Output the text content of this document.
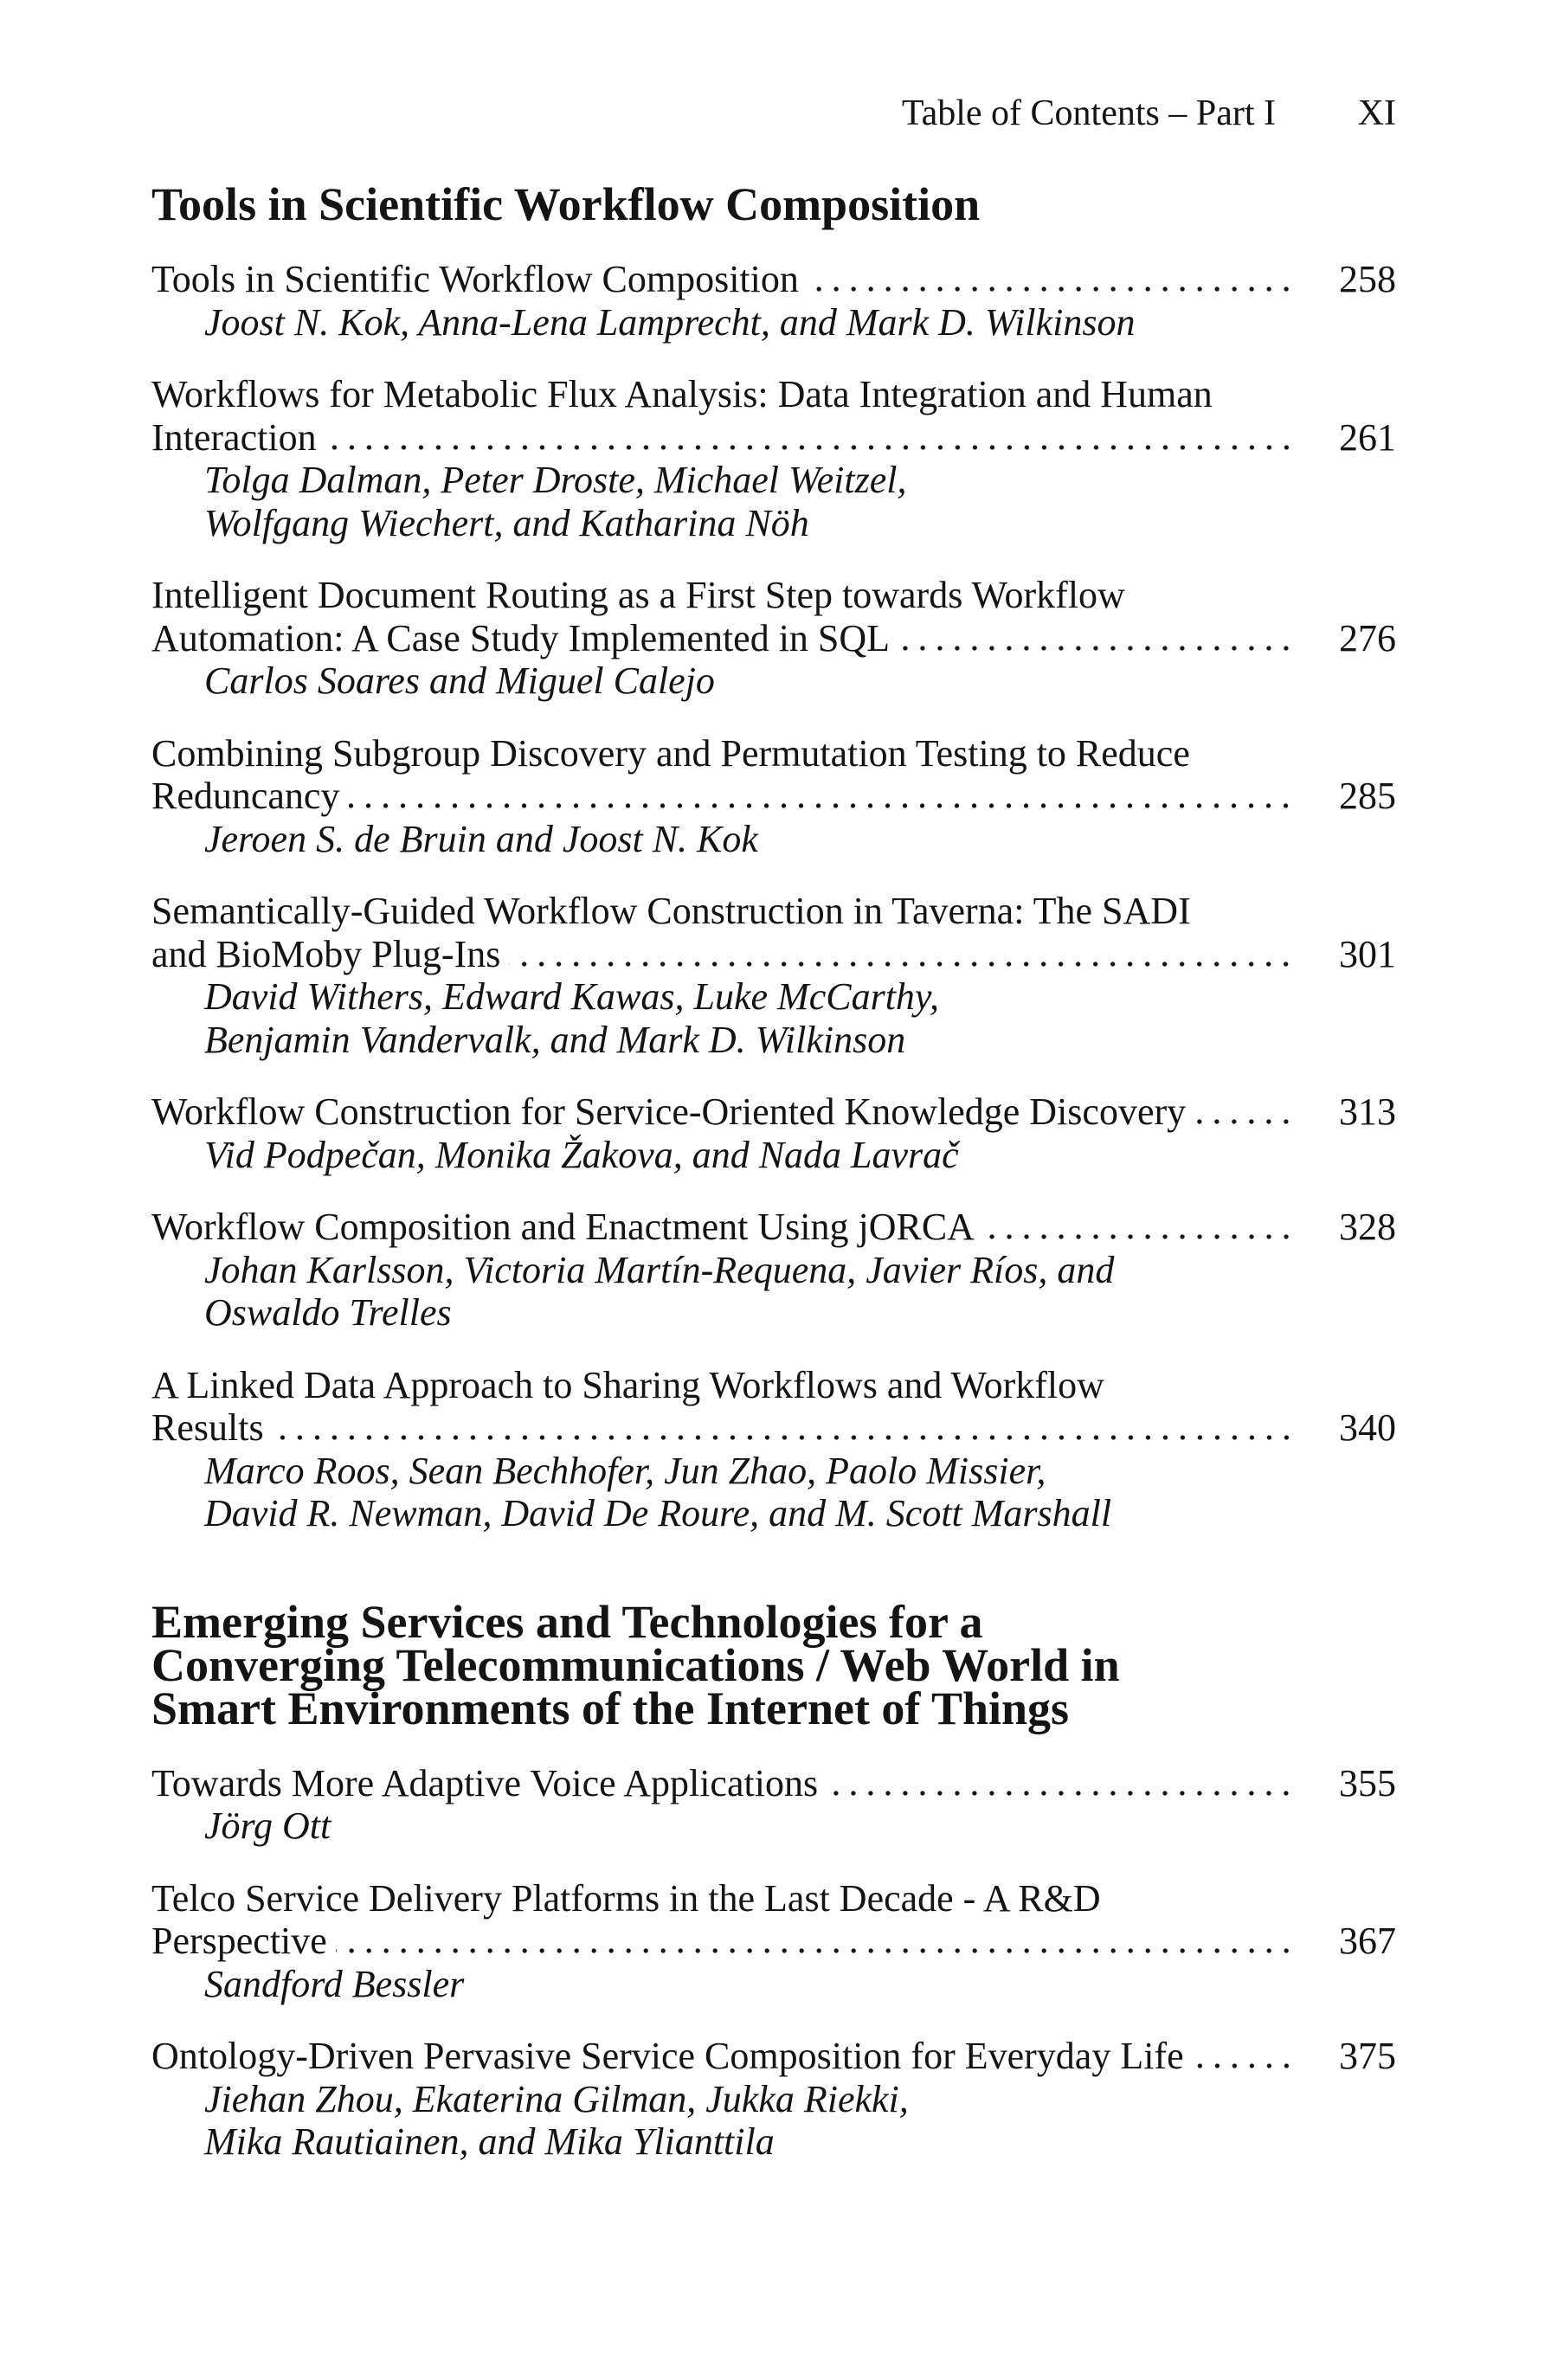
Table of Contents – Part I	XI
Tools in Scientific Workflow Composition
Tools in Scientific Workflow Composition	258
Joost N. Kok, Anna-Lena Lamprecht, and Mark D. Wilkinson
Workflows for Metabolic Flux Analysis: Data Integration and Human
Interaction	261
Tolga Dalman, Peter Droste, Michael Weitzel,
Wolfgang Wiechert, and Katharina Nöh
Intelligent Document Routing as a First Step towards Workflow
Automation: A Case Study Implemented in SQL	276
Carlos Soares and Miguel Calejo
Combining Subgroup Discovery and Permutation Testing to Reduce
Reduncancy	285
Jeroen S. de Bruin and Joost N. Kok
Semantically-Guided Workflow Construction in Taverna: The SADI
and BioMoby Plug-Ins	301
David Withers, Edward Kawas, Luke McCarthy,
Benjamin Vandervalk, and Mark D. Wilkinson
Workflow Construction for Service-Oriented Knowledge Discovery	313
Vid Podpečan, Monika Žakova, and Nada Lavrač
Workflow Composition and Enactment Using jORCA	328
Johan Karlsson, Victoria Martín-Requena, Javier Ríos, and
Oswaldo Trelles
A Linked Data Approach to Sharing Workflows and Workflow
Results	340
Marco Roos, Sean Bechhofer, Jun Zhao, Paolo Missier,
David R. Newman, David De Roure, and M. Scott Marshall
Emerging Services and Technologies for a
Converging Telecommunications / Web World in
Smart Environments of the Internet of Things
Towards More Adaptive Voice Applications	355
Jörg Ott
Telco Service Delivery Platforms in the Last Decade - A R&D
Perspective	367
Sandford Bessler
Ontology-Driven Pervasive Service Composition for Everyday Life	375
Jiehan Zhou, Ekaterina Gilman, Jukka Riekki,
Mika Rautiainen, and Mika Ylianttila
